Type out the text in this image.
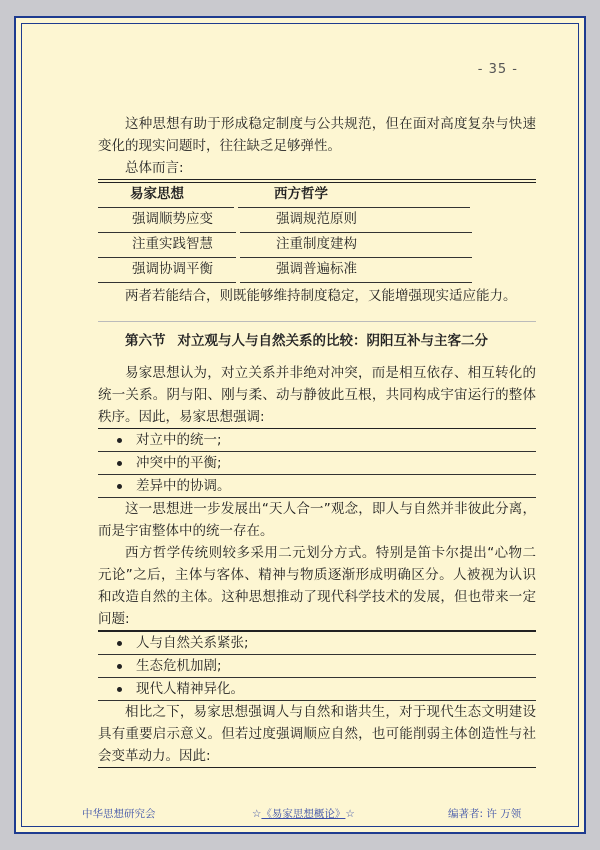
- 35 -

这种思想有助于形成稳定制度与公共规范，但在面对高度复杂与快速变化的现实问题时，往往缺乏足够弹性。

总体而言:

易家思想	西方哲学
强调顺势应变	强调规范原则
注重实践智慧	注重制度建构
强调协调平衡	强调普遍标准

两者若能结合，则既能够维持制度稳定，又能增强现实适应能力。

第六节 对立观与人与自然关系的比较：阴阳互补与主客二分

易家思想认为，对立关系并非绝对冲突，而是相互依存、相互转化的统一关系。阴与阳、刚与柔、动与静彼此互根，共同构成宇宙运行的整体秩序。因此，易家思想强调:

对立中的统一;
冲突中的平衡;
差异中的协调。

这一思想进一步发展出“天人合一”观念，即人与自然并非彼此分离，而是宇宙整体中的统一存在。

西方哲学传统则较多采用二元划分方式。特别是笛卡尔提出“心物二元论”之后，主体与客体、精神与物质逐渐形成明确区分。人被视为认识和改造自然的主体。这种思想推动了现代科学技术的发展，但也带来一定问题:

人与自然关系紧张;
生态危机加剧;
现代人精神异化。

相比之下，易家思想强调人与自然和谐共生，对于现代生态文明建设具有重要启示意义。但若过度强调顺应自然，也可能削弱主体创造性与社会变革动力。因此:

中华思想研究会	☆《易家思想概论》☆	编著者: 许 万领
